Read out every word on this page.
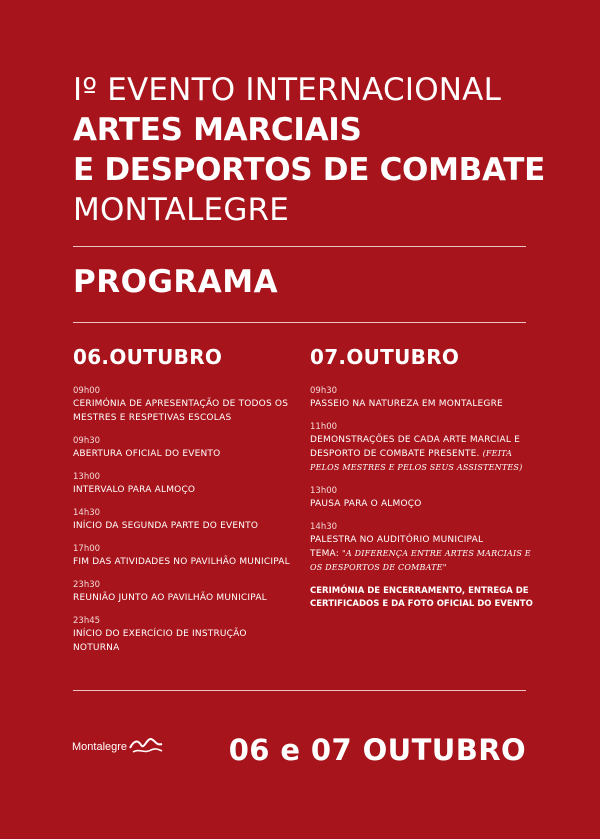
Iº EVENTO INTERNACIONAL
ARTES MARCIAIS
E DESPORTOS DE COMBATE
MONTALEGRE
PROGRAMA
06.OUTUBRO
09h00
CERIMÓNIA DE APRESENTAÇÃO DE TODOS OS MESTRES E RESPETIVAS ESCOLAS
09h30
ABERTURA OFICIAL DO EVENTO
13h00
INTERVALO PARA ALMOÇO
14h30
INÍCIO DA SEGUNDA PARTE DO EVENTO
17h00
FIM DAS ATIVIDADES NO PAVILHÃO MUNICIPAL
23h30
REUNIÃO JUNTO AO PAVILHÃO MUNICIPAL
23h45
INÍCIO DO EXERCÍCIO DE INSTRUÇÃO NOTURNA
07.OUTUBRO
09h30
PASSEIO NA NATUREZA EM MONTALEGRE
11h00
DEMONSTRAÇÕES DE CADA ARTE MARCIAL E DESPORTO DE COMBATE PRESENTE. (FEITA PELOS MESTRES E PELOS SEUS ASSISTENTES)
13h00
PAUSA PARA O ALMOÇO
14h30
PALESTRA NO AUDITÓRIO MUNICIPAL
TEMA: "A DIFERENÇA ENTRE ARTES MARCIAIS E OS DESPORTOS DE COMBATE"
CERIMÓNIA DE ENCERRAMENTO, ENTREGA DE CERTIFICADOS E DA FOTO OFICIAL DO EVENTO
Montalegre	06 e 07 OUTUBRO
